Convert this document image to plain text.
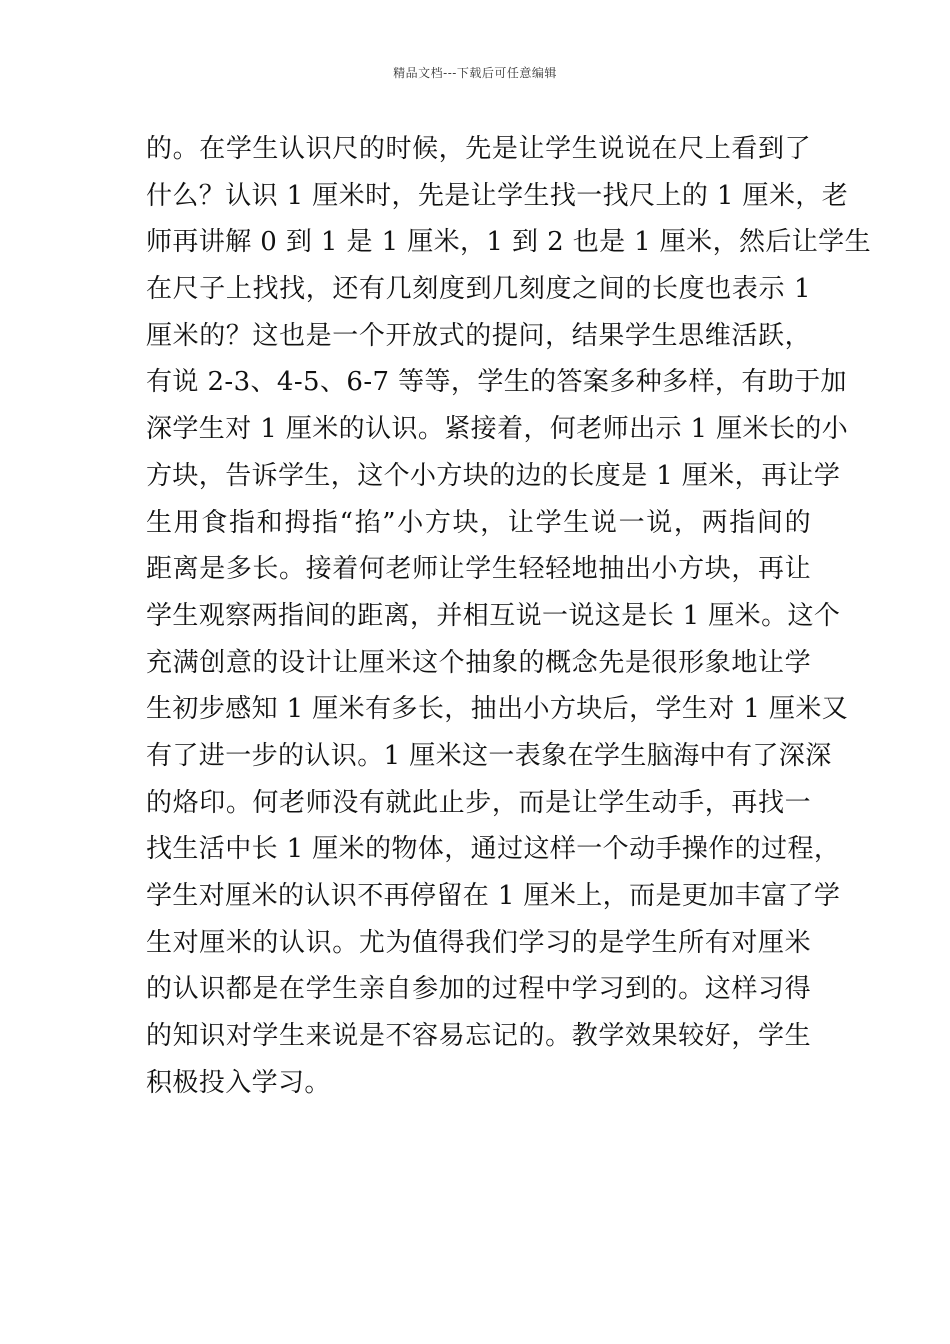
精品文档---下载后可任意编辑
的。在学生认识尺的时候，先是让学生说说在尺上看到了
什么？认识 1 厘米时，先是让学生找一找尺上的 1 厘米，老
师再讲解 0 到 1 是 1 厘米，1 到 2 也是 1 厘米，然后让学生
在尺子上找找，还有几刻度到几刻度之间的长度也表示 1
厘米的？这也是一个开放式的提问，结果学生思维活跃，
有说 2-3、4-5、6-7 等等，学生的答案多种多样，有助于加
深学生对 1 厘米的认识。紧接着，何老师出示 1 厘米长的小
方块，告诉学生，这个小方块的边的长度是 1 厘米，再让学
生用食指和拇指“掐”小方块，让学生说一说，两指间的
距离是多长。接着何老师让学生轻轻地抽出小方块，再让
学生观察两指间的距离，并相互说一说这是长 1 厘米。这个
充满创意的设计让厘米这个抽象的概念先是很形象地让学
生初步感知 1 厘米有多长，抽出小方块后，学生对 1 厘米又
有了进一步的认识。1 厘米这一表象在学生脑海中有了深深
的烙印。何老师没有就此止步，而是让学生动手，再找一
找生活中长 1 厘米的物体，通过这样一个动手操作的过程，
学生对厘米的认识不再停留在 1 厘米上，而是更加丰富了学
生对厘米的认识。尤为值得我们学习的是学生所有对厘米
的认识都是在学生亲自参加的过程中学习到的。这样习得
的知识对学生来说是不容易忘记的。教学效果较好，学生
积极投入学习。
